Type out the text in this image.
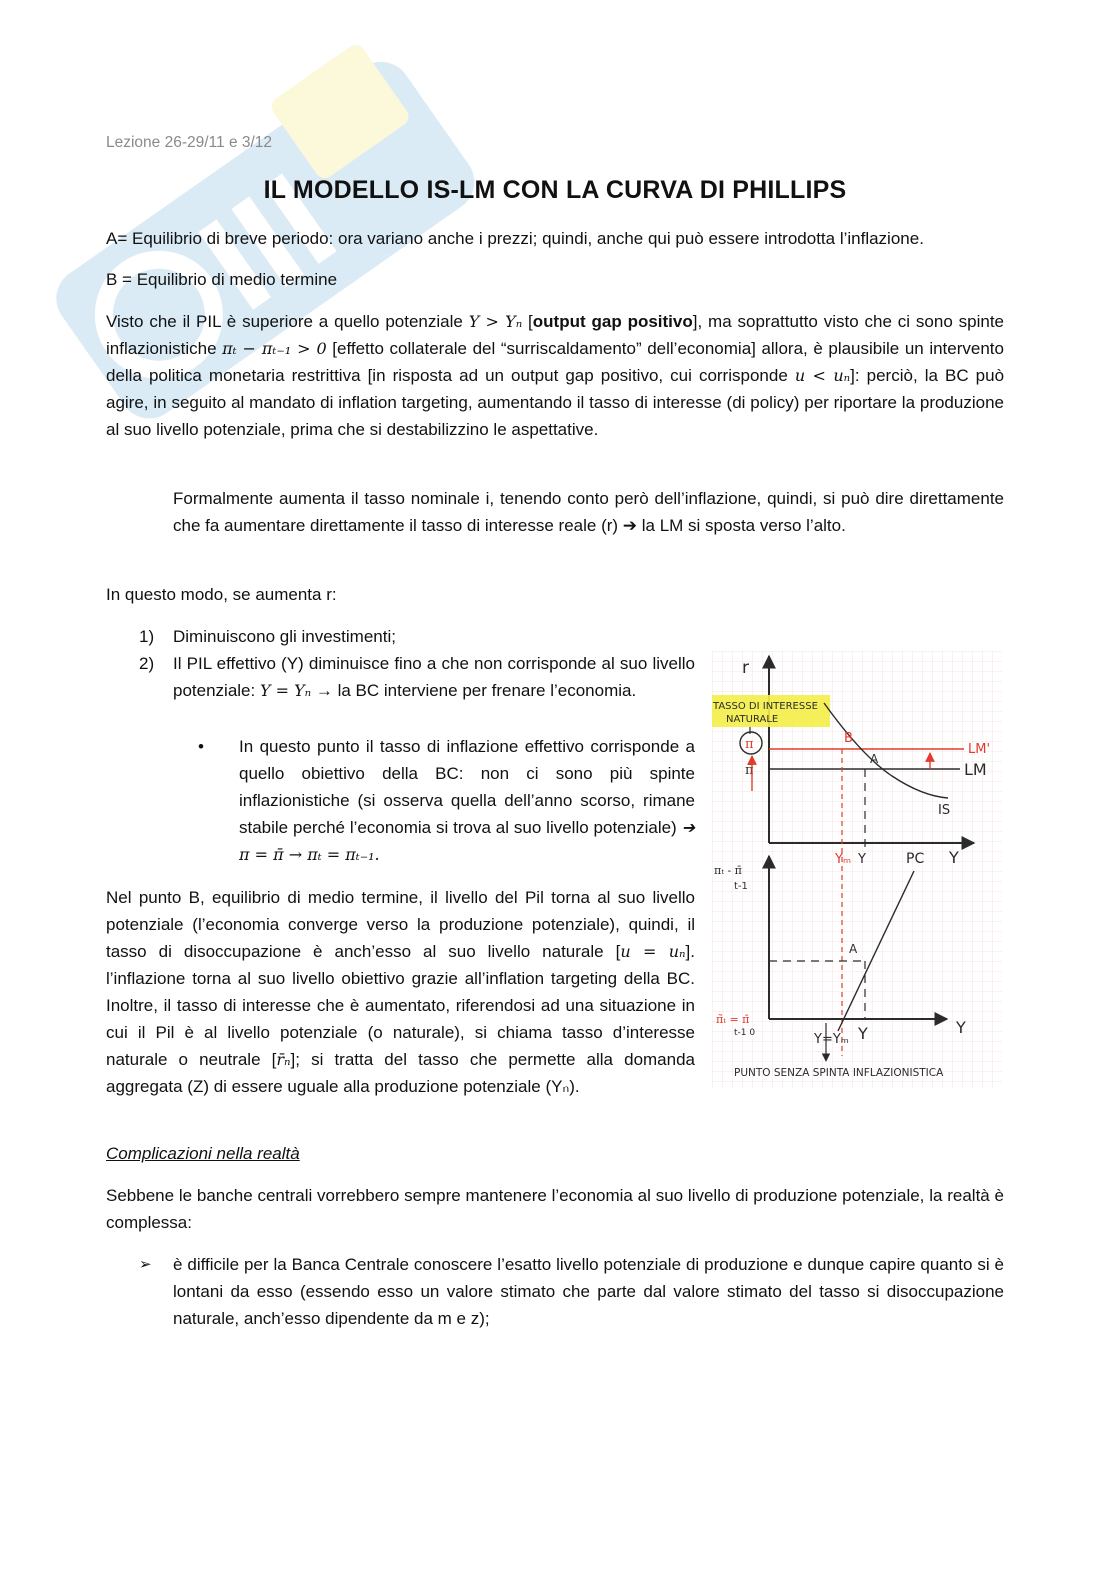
Lezione 26-29/11 e 3/12
IL MODELLO IS-LM CON LA CURVA DI PHILLIPS

A= Equilibrio di breve periodo: ora variano anche i prezzi; quindi, anche qui può essere introdotta l’inflazione.

B = Equilibrio di medio termine

Visto che il PIL è superiore a quello potenziale Y > Yₙ [output gap positivo], ma soprattutto visto che ci sono spinte inflazionistiche πₜ − πₜ₋₁ > 0 [effetto collaterale del “surriscaldamento” dell’economia] allora, è plausibile un intervento della politica monetaria restrittiva [in risposta ad un output gap positivo, cui corrisponde u < uₙ]: perciò, la BC può agire, in seguito al mandato di inflation targeting, aumentando il tasso di interesse (di policy) per riportare la produzione al suo livello potenziale, prima che si destabilizzino le aspettative.

Formalmente aumenta il tasso nominale i, tenendo conto però dell’inflazione, quindi, si può dire direttamente che fa aumentare direttamente il tasso di interesse reale (r) ➔ la LM si sposta verso l’alto.

In questo modo, se aumenta r:

1) Diminuiscono gli investimenti;

2) Il PIL effettivo (Y) diminuisce fino a che non corrisponde al suo livello potenziale: Y = Yₙ → la BC interviene per frenare l’economia.

• In questo punto il tasso di inflazione effettivo corrisponde a quello obiettivo della BC: non ci sono più spinte inflazionistiche (si osserva quella dell’anno scorso, rimane stabile perché l’economia si trova al suo livello potenziale) ➔ π = π̄ → πₜ = πₜ₋₁.

Nel punto B, equilibrio di medio termine, il livello del Pil torna al suo livello potenziale (l’economia converge verso la produzione potenziale), quindi, il tasso di disoccupazione è anch’esso al suo livello naturale [u = uₙ]. l’inflazione torna al suo livello obiettivo grazie all’inflation targeting della BC. Inoltre, il tasso di interesse che è aumentato, riferendosi ad una situazione in cui il Pil è al livello potenziale (o naturale), si chiama tasso d’interesse naturale o neutrale [r̄ₙ]; si tratta del tasso che permette alla domanda aggregata (Z) di essere uguale alla produzione potenziale (Yₙ).

Complicazioni nella realtà

Sebbene le banche centrali vorrebbero sempre mantenere l’economia al suo livello di produzione potenziale, la realtà è complessa:

➢ è difficile per la Banca Centrale conoscere l’esatto livello potenziale di produzione e dunque capire quanto si è lontani da esso (essendo esso un valore stimato che parte dal valore stimato del tasso si disoccupazione naturale, anch’esso dipendente da m e z);

r
TASSO DI INTERESSE
NATURALE
π
π̄
LM'
LM
IS
B
A
Yₘ Y	Y
PC
πₜ - π̄
t-1
Y
A
π̃ₜ = π̄
t-1 0	Y=Yₘ Y
PUNTO SENZA SPINTA INFLAZIONISTICA
